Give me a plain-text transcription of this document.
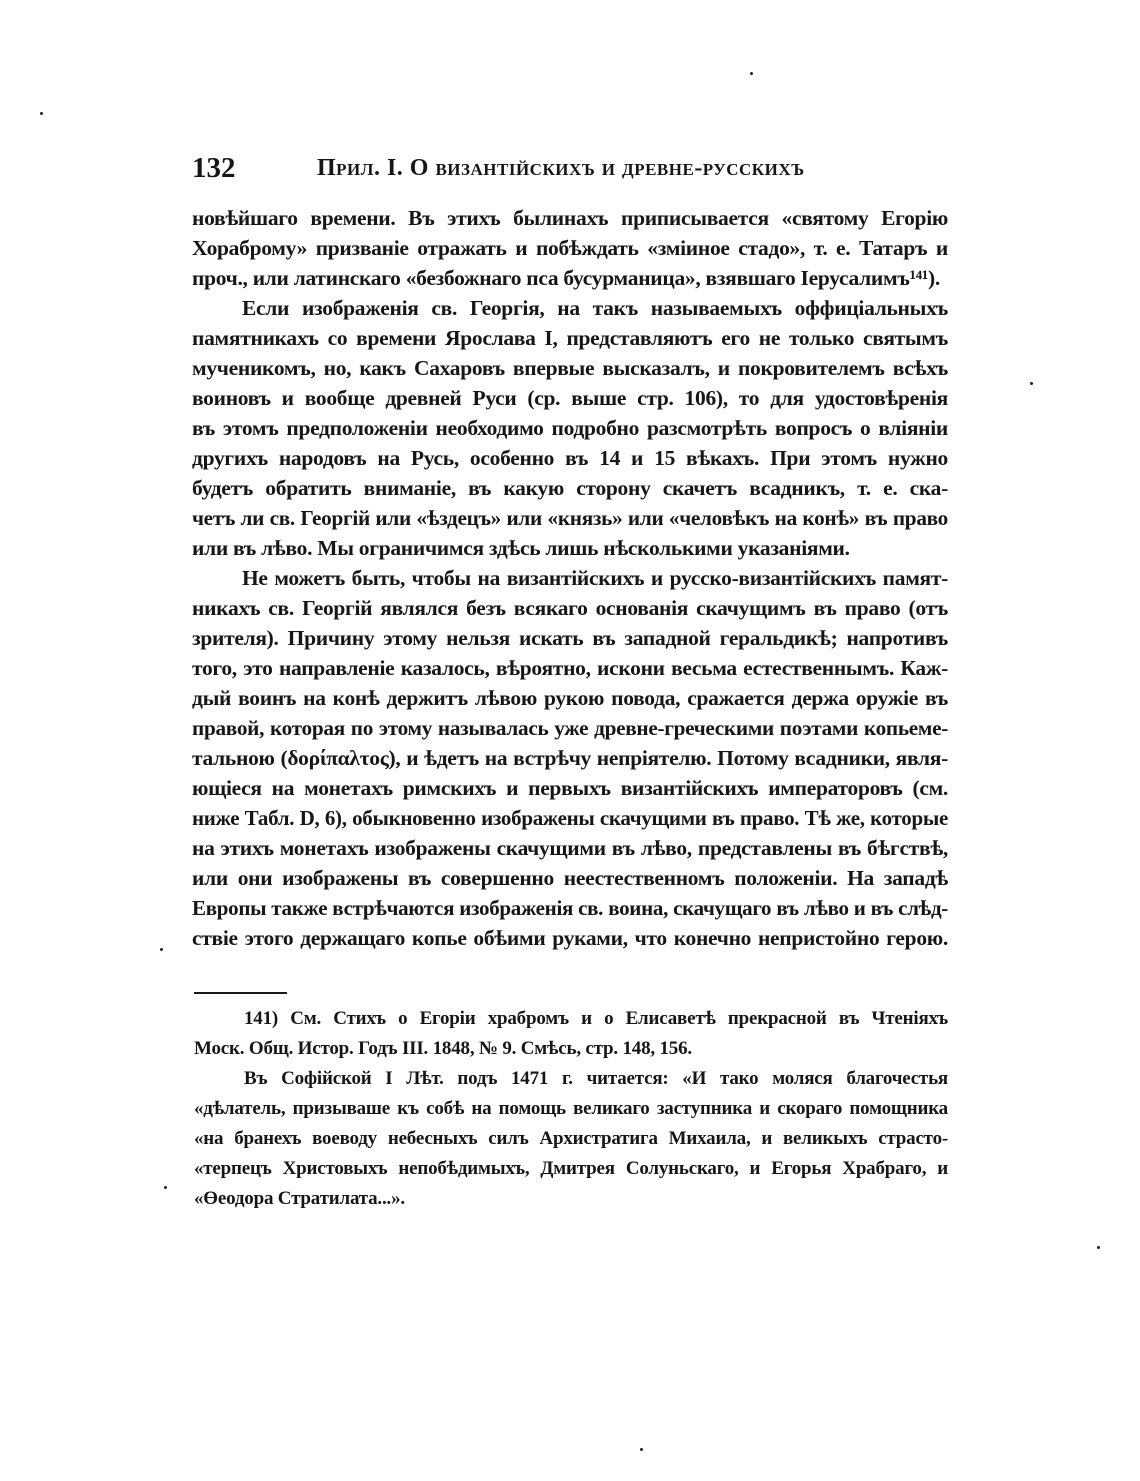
132	Прил. I. О византійскихъ и древне-русскихъ
новѣйшаго времени. Въ этихъ былинахъ приписывается «святому Егорію
Хораброму» призваніе отражать и побѣждать «зміиное стадо», т. е. Татаръ и
проч., или латинскаго «безбожнаго пса бусурманица», взявшаго Іерусалимъ¹⁴¹).
Если изображенія св. Георгія, на такъ называемыхъ оффиціальныхъ
памятникахъ со времени Ярослава I, представляютъ его не только святымъ
мученикомъ, но, какъ Сахаровъ впервые высказалъ, и покровителемъ всѣхъ
воиновъ и вообще древней Руси (ср. выше стр. 106), то для удостовѣренія
въ этомъ предположеніи необходимо подробно разсмотрѣть вопросъ о вліяніи
другихъ народовъ на Русь, особенно въ 14 и 15 вѣкахъ. При этомъ нужно
будетъ обратить вниманіе, въ какую сторону скачетъ всадникъ, т. е. ска-
четъ ли св. Георгій или «ѣздецъ» или «князь» или «человѣкъ на конѣ» въ право
или въ лѣво. Мы ограничимся здѣсь лишь нѣсколькими указаніями.
Не можетъ быть, чтобы на византійскихъ и русско-византійскихъ памят-
никахъ св. Георгій являлся безъ всякаго основанія скачущимъ въ право (отъ
зрителя). Причину этому нельзя искать въ западной геральдикѣ; напротивъ
того, это направленіе казалось, вѣроятно, искони весьма естественнымъ. Каж-
дый воинъ на конѣ держитъ лѣвою рукою повода, сражается держа оружіе въ
правой, которая по этому называлась уже древне-греческими поэтами копьеме-
тальною (δορίπαλτος), и ѣдетъ на встрѣчу непріятелю. Потому всадники, явля-
ющіеся на монетахъ римскихъ и первыхъ византійскихъ императоровъ (см.
ниже Табл. D, 6), обыкновенно изображены скачущими въ право. Тѣ же, которые
на этихъ монетахъ изображены скачущими въ лѣво, представлены въ бѣгствѣ,
или они изображены въ совершенно неестественномъ положеніи. На западѣ
Европы также встрѣчаются изображенія св. воина, скачущаго въ лѣво и въ слѣд-
ствіе этого держащаго копье обѣими руками, что конечно непристойно герою.
141) См. Стихъ о Егоріи храбромъ и о Елисаветѣ прекрасной въ Чтеніяхъ
Моск. Общ. Истор. Годъ III. 1848, № 9. Смѣсь, стр. 148, 156.
Въ Софійской I Лѣт. подъ 1471 г. читается: «И тако моляся благочестья
«дѣлатель, призываше къ собѣ на помощь великаго заступника и скораго помощника
«на бранехъ воеводу небесныхъ силъ Архистратига Михаила, и великыхъ страсто-
«терпецъ Христовыхъ непобѣдимыхъ, Дмитрея Солуньскаго, и Егорья Храбраго, и
«Өеодора Стратилата...».
